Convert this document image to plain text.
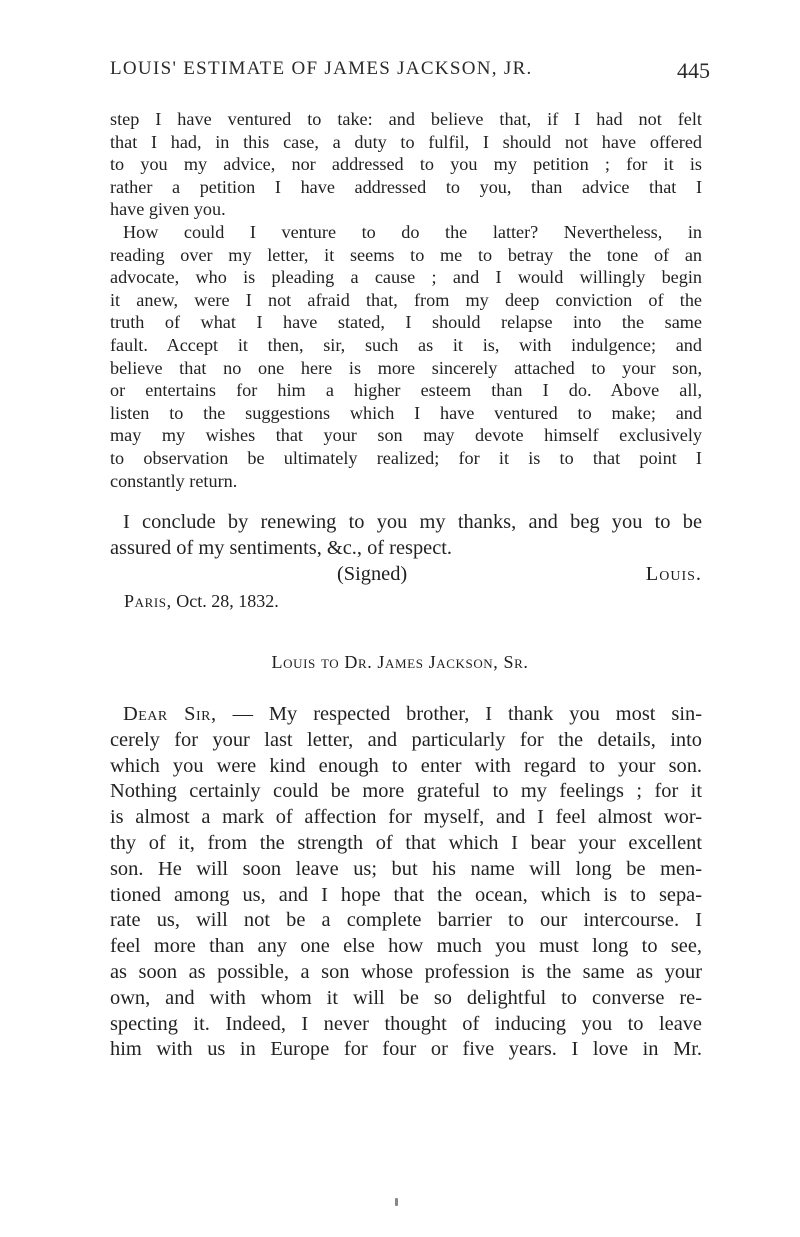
LOUIS' ESTIMATE OF JAMES JACKSON, JR.	445
step I have ventured to take: and believe that, if I had not felt
that I had, in this case, a duty to fulfil, I should not have offered
to you my advice, nor addressed to you my petition ; for it is
rather a petition I have addressed to you, than advice that I
have given you.
How could I venture to do the latter? Nevertheless, in
reading over my letter, it seems to me to betray the tone of an
advocate, who is pleading a cause ; and I would willingly begin
it anew, were I not afraid that, from my deep conviction of the
truth of what I have stated, I should relapse into the same
fault. Accept it then, sir, such as it is, with indulgence; and
believe that no one here is more sincerely attached to your son,
or entertains for him a higher esteem than I do. Above all,
listen to the suggestions which I have ventured to make; and
may my wishes that your son may devote himself exclusively
to observation be ultimately realized; for it is to that point I
constantly return.
I conclude by renewing to you my thanks, and beg you to be
assured of my sentiments, &c., of respect.
(Signed)	Louis.
Paris, Oct. 28, 1832.
Louis to Dr. James Jackson, Sr.
Dear Sir, — My respected brother, I thank you most sin-
cerely for your last letter, and particularly for the details, into
which you were kind enough to enter with regard to your son.
Nothing certainly could be more grateful to my feelings ; for it
is almost a mark of affection for myself, and I feel almost wor-
thy of it, from the strength of that which I bear your excellent
son. He will soon leave us; but his name will long be men-
tioned among us, and I hope that the ocean, which is to sepa-
rate us, will not be a complete barrier to our intercourse. I
feel more than any one else how much you must long to see,
as soon as possible, a son whose profession is the same as your
own, and with whom it will be so delightful to converse re-
specting it. Indeed, I never thought of inducing you to leave
him with us in Europe for four or five years. I love in Mr.
